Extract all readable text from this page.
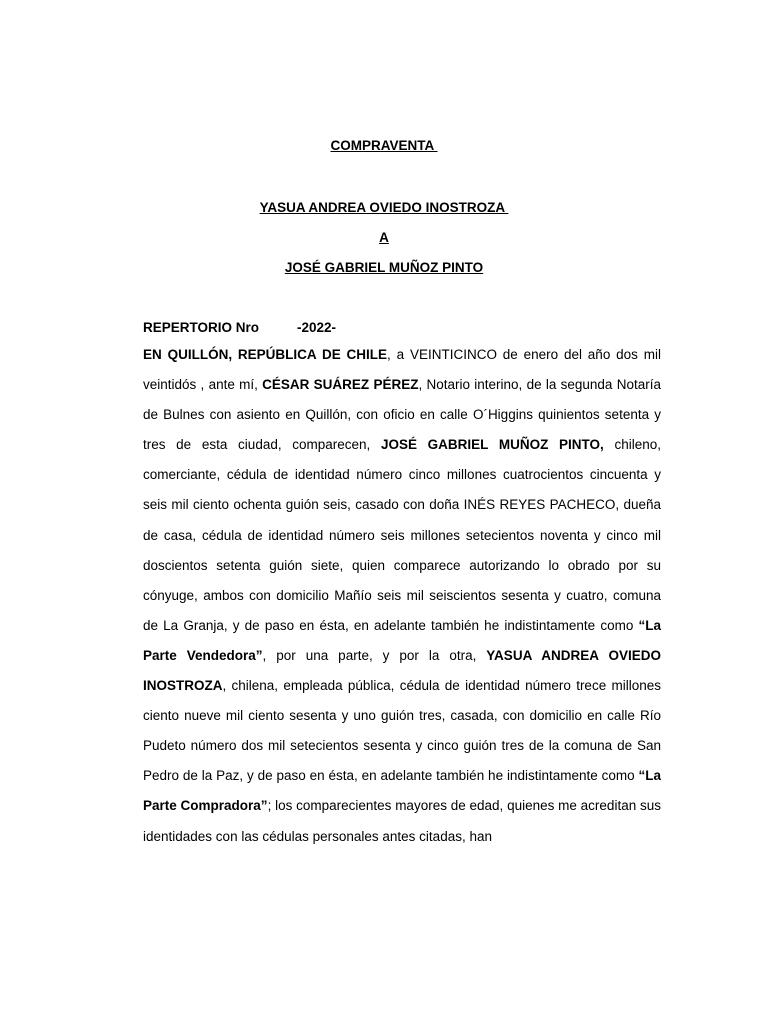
COMPRAVENTA
YASUA ANDREA OVIEDO INOSTROZA
A
JOSÉ GABRIEL MUÑOZ PINTO
REPERTORIO Nro	-2022-

EN QUILLÓN, REPÚBLICA DE CHILE, a VEINTICINCO de enero del año dos mil veintidós , ante mí, CÉSAR SUÁREZ PÉREZ, Notario interino, de la segunda Notaría de Bulnes con asiento en Quillón, con oficio en calle O´Higgins quinientos setenta y tres de esta ciudad, comparecen, JOSÉ GABRIEL MUÑOZ PINTO, chileno, comerciante, cédula de identidad número cinco millones cuatrocientos cincuenta y seis mil ciento ochenta guión seis, casado con doña INÉS REYES PACHECO, dueña de casa, cédula de identidad número seis millones setecientos noventa y cinco mil doscientos setenta guión siete, quien comparece autorizando lo obrado por su cónyuge, ambos con domicilio Mañío seis mil seiscientos sesenta y cuatro, comuna de La Granja, y de paso en ésta, en adelante también he indistintamente como “La Parte Vendedora”, por una parte, y por la otra, YASUA ANDREA OVIEDO INOSTROZA, chilena, empleada pública, cédula de identidad número trece millones ciento nueve mil ciento sesenta y uno guión tres, casada, con domicilio en calle Río Pudeto número dos mil setecientos sesenta y cinco guión tres de la comuna de San Pedro de la Paz, y de paso en ésta, en adelante también he indistintamente como “La Parte Compradora”; los comparecientes mayores de edad, quienes me acreditan sus identidades con las cédulas personales antes citadas, han
